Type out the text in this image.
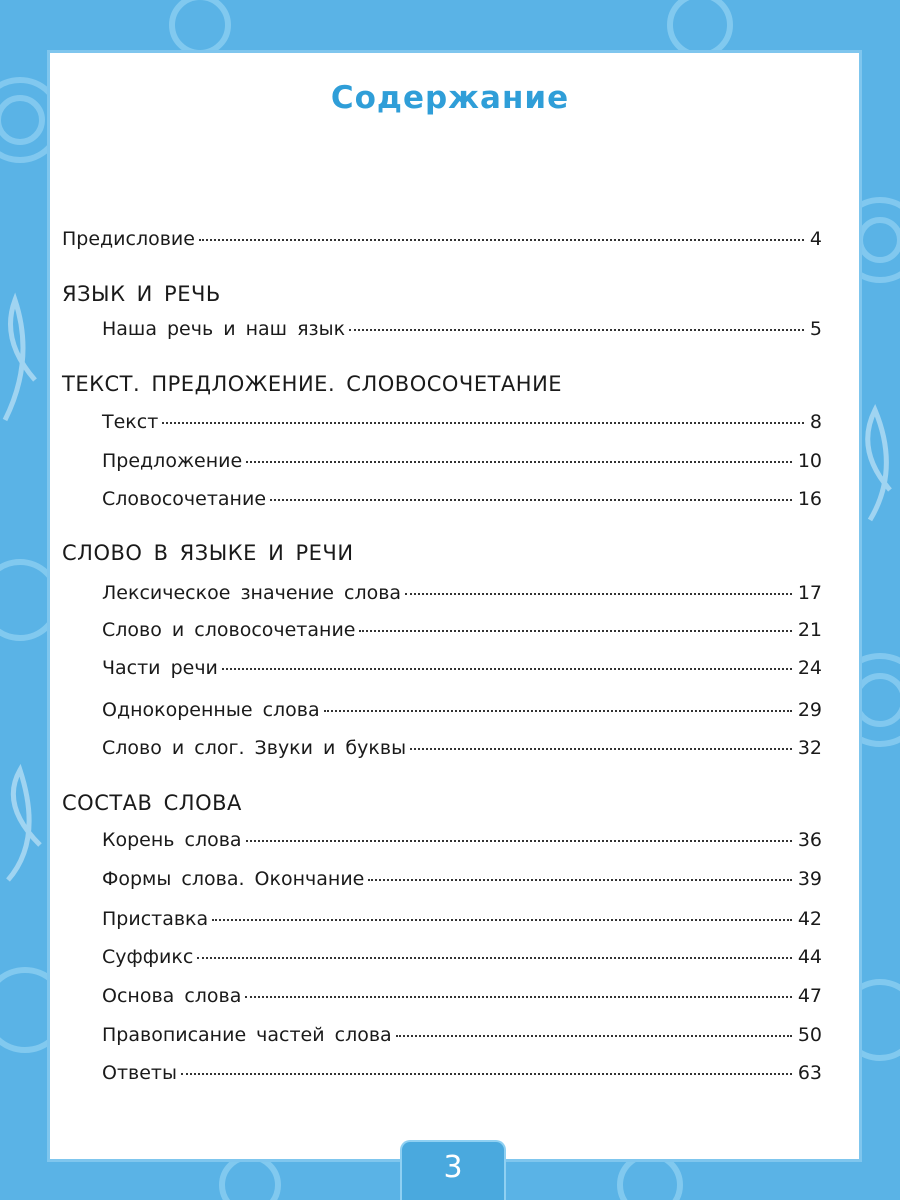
Содержание
Предисловие	4
ЯЗЫК И РЕЧЬ
Наша речь и наш язык	5
ТЕКСТ. ПРЕДЛОЖЕНИЕ. СЛОВОСОЧЕТАНИЕ
Текст	8
Предложение	10
Словосочетание	16
СЛОВО В ЯЗЫКЕ И РЕЧИ
Лексическое значение слова	17
Слово и словосочетание	21
Части речи	24
Однокоренные слова	29
Слово и слог. Звуки и буквы	32
СОСТАВ СЛОВА
Корень слова	36
Формы слова. Окончание	39
Приставка	42
Суффикс	44
Основа слова	47
Правописание частей слова	50
Ответы	63
3
